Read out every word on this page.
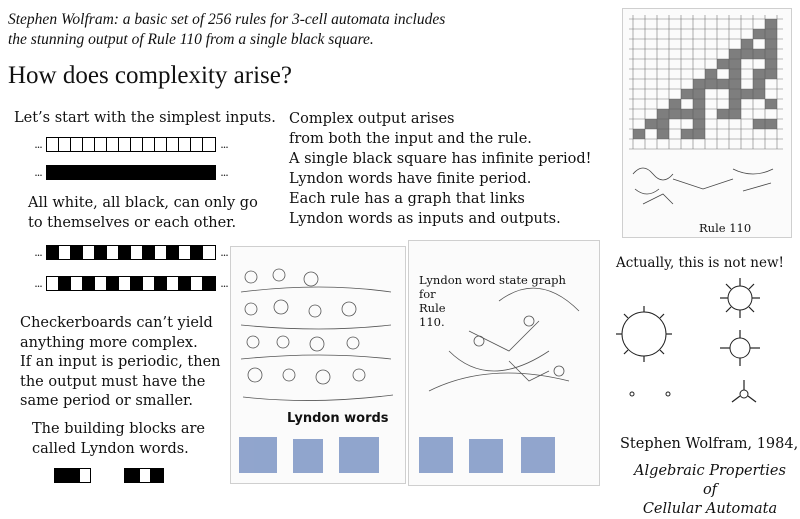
Stephen Wolfram: a basic set of 256 rules for 3-cell automata includes
the stunning output of Rule 110 from a single black square.
How does complexity arise?
Let’s start with the simplest inputs.
...	...
...	...
All white, all black, can only go
to themselves or each other.
...	...
...	...
Checkerboards can’t yield
anything more complex.
If an input is periodic, then
the output must have the
same period or smaller.
The building blocks are
called Lyndon words.
Complex output arises
from both the input and the rule.
A single black square has infinite period!
Lyndon words have finite period.
Each rule has a graph that links
Lyndon words as inputs and outputs.
Rule 110
Lyndon words
Lyndon word state graph
for
Rule
110.
Actually, this is not new!
Stephen Wolfram, 1984,
Algebraic Properties of
Cellular Automata
